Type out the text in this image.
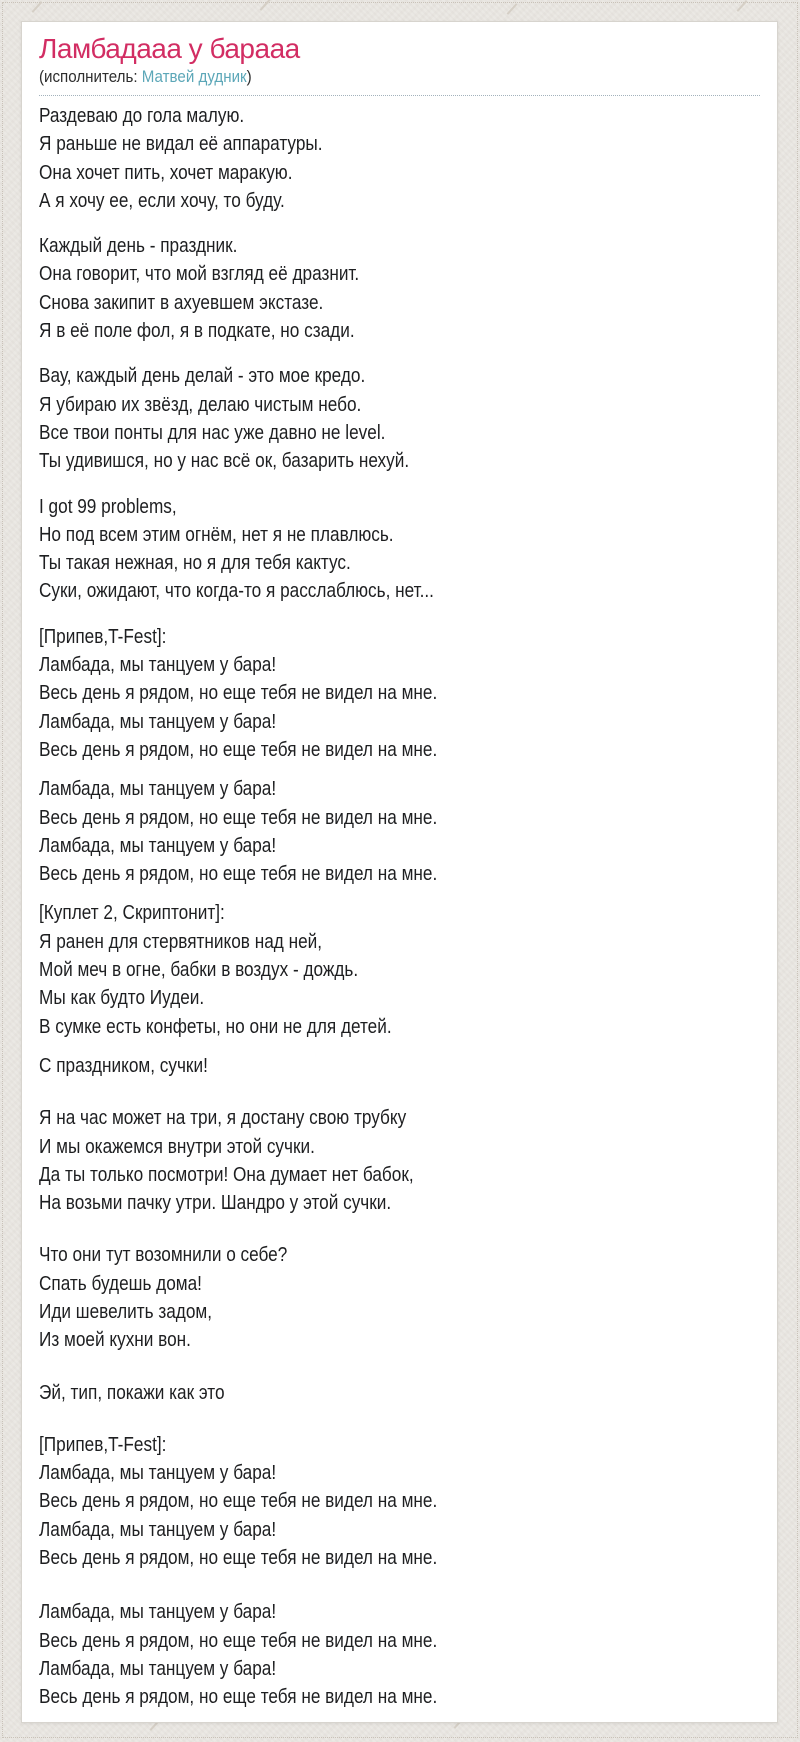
Ламбадааа у барааа

(исполнитель: Матвей дудник)

Раздеваю до гола малую.
Я раньше не видал её аппаратуры.
Она хочет пить, хочет маракую.
А я хочу ее, если хочу, то буду.

Каждый день - праздник.
Она говорит, что мой взгляд её дразнит.
Снова закипит в ахуевшем экстазе.
Я в её поле фол, я в подкате, но сзади.

Вау, каждый день делай - это мое кредо.
Я убираю их звёзд, делаю чистым небо.
Все твои понты для нас уже давно не level.
Ты удивишся, но у нас всё ок, базарить нехуй.

I got 99 problems,
Но под всем этим огнём, нет я не плавлюсь.
Ты такая нежная, но я для тебя кактус.
Суки, ожидают, что когда-то я расслаблюсь, нет...

[Припев,T-Fest]:
Ламбада, мы танцуем у бара!
Весь день я рядом, но еще тебя не видел на мне.
Ламбада, мы танцуем у бара!
Весь день я рядом, но еще тебя не видел на мне.

Ламбада, мы танцуем у бара!
Весь день я рядом, но еще тебя не видел на мне.
Ламбада, мы танцуем у бара!
Весь день я рядом, но еще тебя не видел на мне.

[Куплет 2, Скриптонит]:
Я ранен для стервятников над ней,
Мой меч в огне, бабки в воздух - дождь.
Мы как будто Иудеи.
В сумке есть конфеты, но они не для детей.

С праздником, сучки!

Я на час может на три, я достану свою трубку
И мы окажемся внутри этой сучки.
Да ты только посмотри! Она думает нет бабок,
На возьми пачку утри. Шандро у этой сучки.

Что они тут возомнили о себе?
Спать будешь дома!
Иди шевелить задом,
Из моей кухни вон.

Эй, тип, покажи как это

[Припев,T-Fest]:
Ламбада, мы танцуем у бара!
Весь день я рядом, но еще тебя не видел на мне.
Ламбада, мы танцуем у бара!
Весь день я рядом, но еще тебя не видел на мне.

Ламбада, мы танцуем у бара!
Весь день я рядом, но еще тебя не видел на мне.
Ламбада, мы танцуем у бара!
Весь день я рядом, но еще тебя не видел на мне.
